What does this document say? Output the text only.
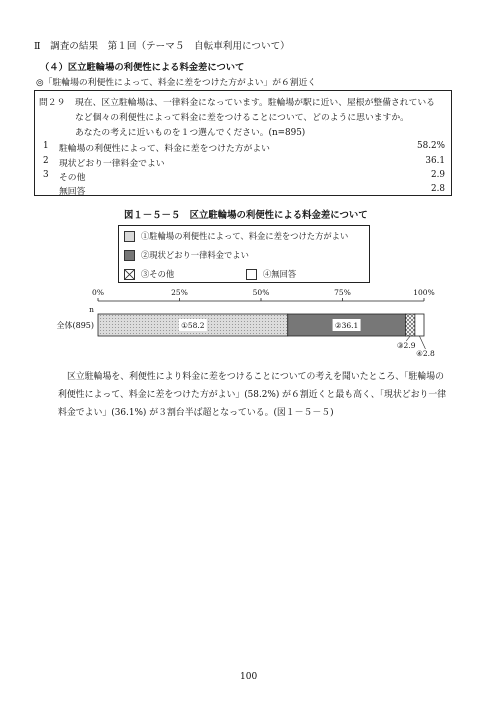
Ⅱ　調査の結果　第１回（テーマ５　自転車利用について）
（４）区立駐輪場の利便性による料金差について
◎「駐輪場の利便性によって、料金に差をつけた方がよい」が６割近く
問２９ 現在、区立駐輪場は、一律料金になっています。駐輪場が駅に近い、屋根が整備されている
など個々の利便性によって料金に差をつけることについて、どのように思いますか。
あなたの考えに近いものを１つ選んでください。(n=895)
1 駐輪場の利便性によって、料金に差をつけた方がよい	58.2%
2 現状どおり一律料金でよい	36.1
3 その他	2.9
無回答	2.8
図１－５－５　区立駐輪場の利便性による料金差について
①駐輪場の利便性によって、料金に差をつけた方がよい
②現状どおり一律料金でよい
③その他	④無回答
0%	25%	50%	75%	100%
n
全体(895)	①58.2	②36.1
③2.9
④2.8
区立駐輪場を、利便性により料金に差をつけることについての考えを聞いたところ、「駐輪場の
利便性によって、料金に差をつけた方がよい」(58.2%) が６割近くと最も高く、「現状どおり一律
料金でよい」(36.1%) が３割台半ば超となっている。(図１－５－５)
100
